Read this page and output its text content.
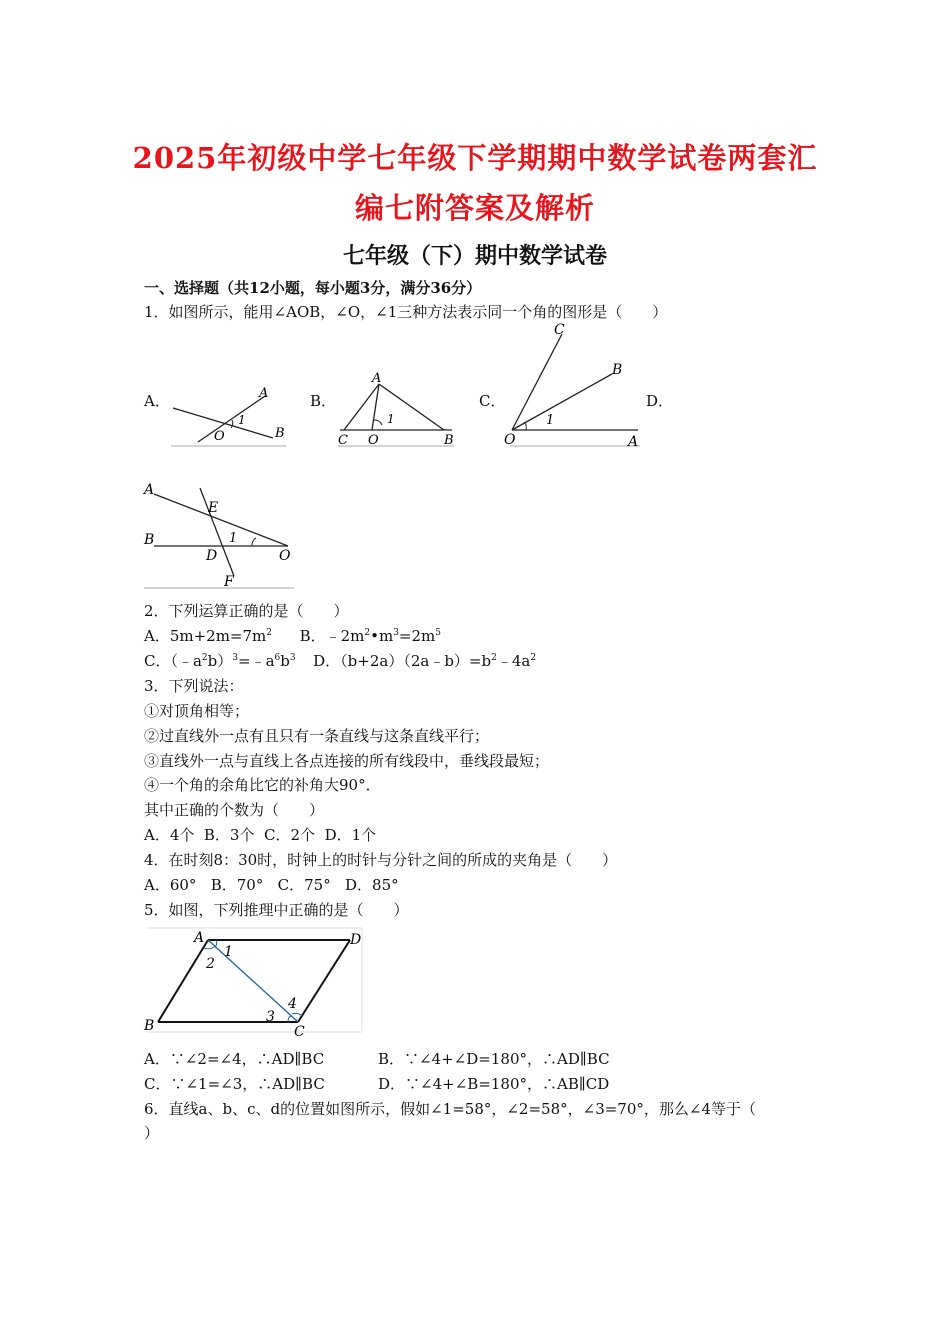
2025年初级中学七年级下学期期中数学试卷两套汇
编七附答案及解析
七年级（下）期中数学试卷
一、选择题（共12小题，每小题3分，满分36分）
1．如图所示，能用∠AOB，∠O，∠1三种方法表示同一个角的图形是（　　）
A．	B．	C．	D．
A
1
O	B
A
1
C O	B
C
B
1
O	A
A
E
B	1
D	O
F
2．下列运算正确的是（　　）
A．$5m+2m=7m^2$ B．$﹣2m^2•m^3=2m^5$
C．$(﹣a^2b)^3=﹣a^6b^3$ D．$(b+2a)(2a﹣b)=b^2﹣4a^2$
3．下列说法：
①对顶角相等；
②过直线外一点有且只有一条直线与这条直线平行；
③直线外一点与直线上各点连接的所有线段中，垂线段最短；
④一个角的余角比它的补角大90°．
其中正确的个数为（　　）
A．4个  B．3个  C．2个  D．1个
4．在时刻8：30时，时钟上的时针与分针之间的所成的夹角是（　　）
A．60°   B．70°   C．75°   D．85°
5．如图，下列推理中正确的是（　　）
A	D
1
2
4
3
B	C
A．∵∠2=∠4，∴AD∥BC	B．∵∠4+∠D=180°，∴AD∥BC
C．∵∠1=∠3，∴AD∥BC	D．∵∠4+∠B=180°，∴AB∥CD
6．直线a、b、c、d的位置如图所示，假如∠1=58°，∠2=58°，∠3=70°，那么∠4等于（
）
